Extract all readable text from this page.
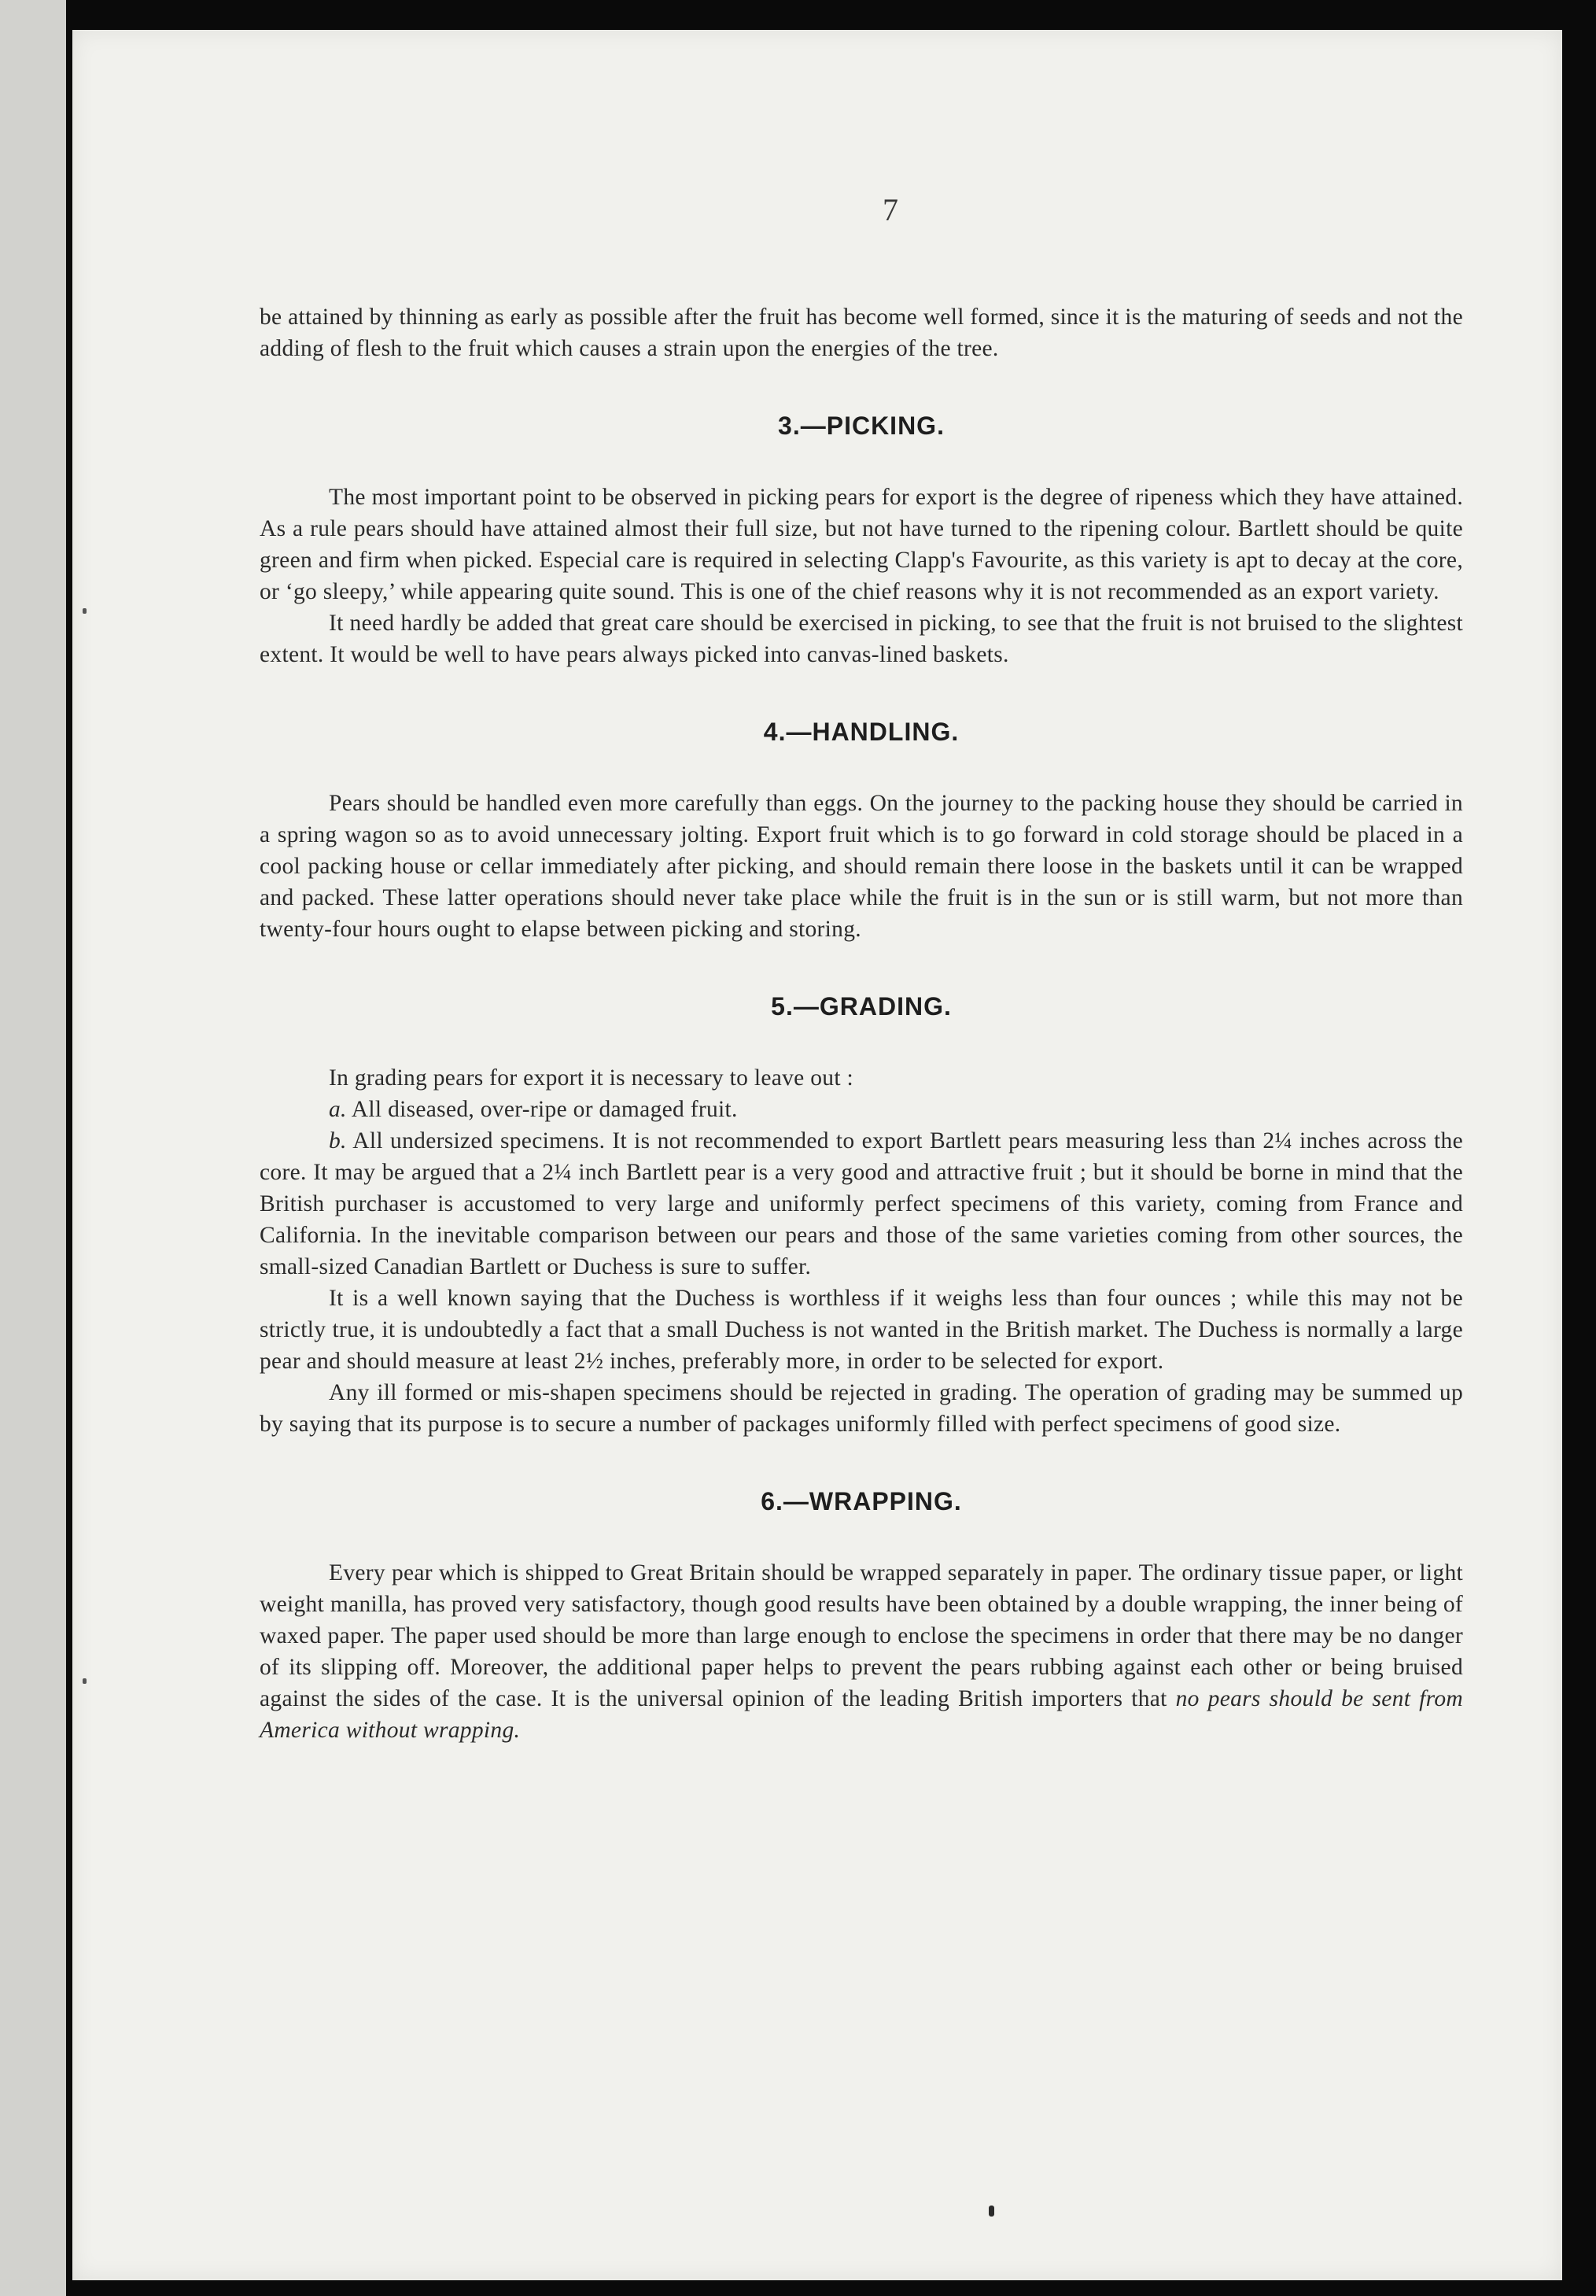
7

be attained by thinning as early as possible after the fruit has become well formed, since it is the maturing of seeds and not the adding of flesh to the fruit which causes a strain upon the energies of the tree.

3.—PICKING.

The most important point to be observed in picking pears for export is the degree of ripeness which they have attained. As a rule pears should have attained almost their full size, but not have turned to the ripening colour. Bartlett should be quite green and firm when picked. Especial care is required in selecting Clapp's Favourite, as this variety is apt to decay at the core, or ‘go sleepy,’ while appearing quite sound. This is one of the chief reasons why it is not recommended as an export variety.

It need hardly be added that great care should be exercised in picking, to see that the fruit is not bruised to the slightest extent. It would be well to have pears always picked into canvas-lined baskets.

4.—HANDLING.

Pears should be handled even more carefully than eggs. On the journey to the packing house they should be carried in a spring wagon so as to avoid unnecessary jolting. Export fruit which is to go forward in cold storage should be placed in a cool packing house or cellar immediately after picking, and should remain there loose in the baskets until it can be wrapped and packed. These latter operations should never take place while the fruit is in the sun or is still warm, but not more than twenty-four hours ought to elapse between picking and storing.

5.—GRADING.

In grading pears for export it is necessary to leave out :

a. All diseased, over-ripe or damaged fruit.

b. All undersized specimens. It is not recommended to export Bartlett pears measuring less than 2¼ inches across the core. It may be argued that a 2¼ inch Bartlett pear is a very good and attractive fruit ; but it should be borne in mind that the British purchaser is accustomed to very large and uniformly perfect specimens of this variety, coming from France and California. In the inevitable comparison between our pears and those of the same varieties coming from other sources, the small-sized Canadian Bartlett or Duchess is sure to suffer.

It is a well known saying that the Duchess is worthless if it weighs less than four ounces ; while this may not be strictly true, it is undoubtedly a fact that a small Duchess is not wanted in the British market. The Duchess is normally a large pear and should measure at least 2½ inches, preferably more, in order to be selected for export.

Any ill formed or mis-shapen specimens should be rejected in grading. The operation of grading may be summed up by saying that its purpose is to secure a number of packages uniformly filled with perfect specimens of good size.

6.—WRAPPING.

Every pear which is shipped to Great Britain should be wrapped separately in paper. The ordinary tissue paper, or light weight manilla, has proved very satisfactory, though good results have been obtained by a double wrapping, the inner being of waxed paper. The paper used should be more than large enough to enclose the specimens in order that there may be no danger of its slipping off. Moreover, the additional paper helps to prevent the pears rubbing against each other or being bruised against the sides of the case. It is the universal opinion of the leading British importers that no pears should be sent from America without wrapping.
